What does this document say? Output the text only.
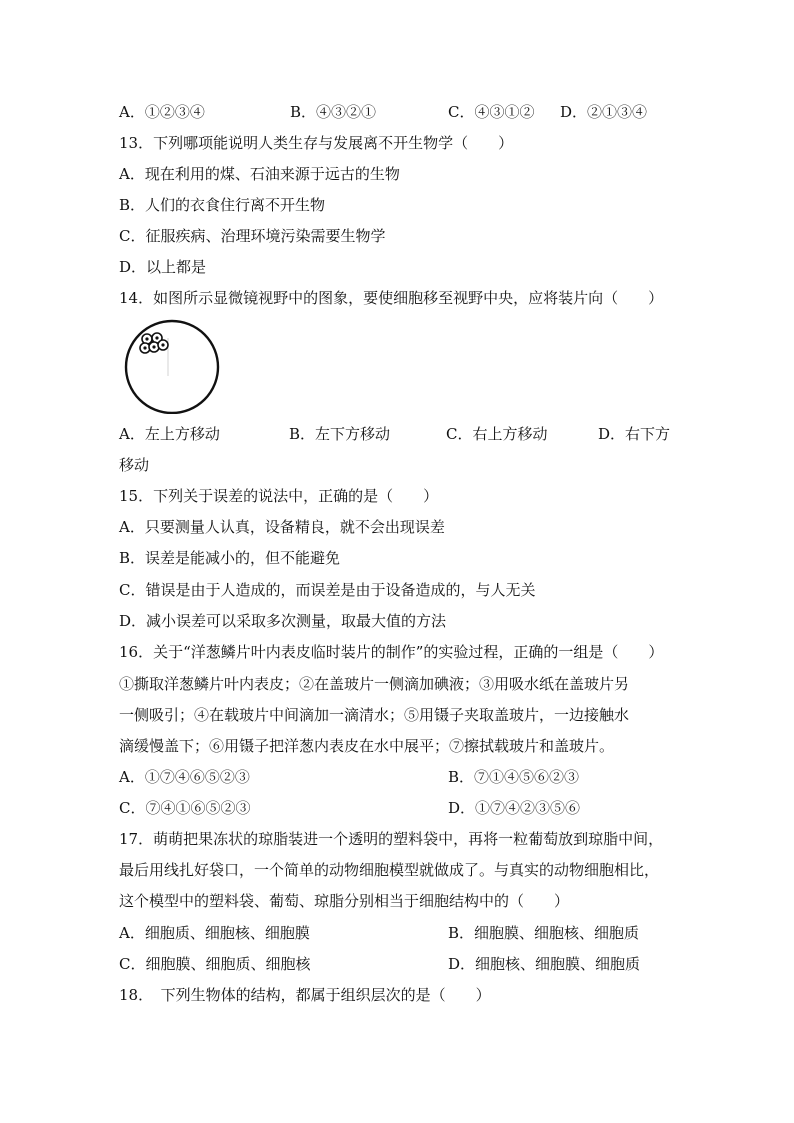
A．①②③④	B．④③②①	C．④③①② D．②①③④
13．下列哪项能说明人类生存与发展离不开生物学（　　）
A．现在利用的煤、石油来源于远古的生物
B．人们的衣食住行离不开生物
C．征服疾病、治理环境污染需要生物学
D．以上都是
14．如图所示显微镜视野中的图象，要使细胞移至视野中央，应将装片向（　　）
A．左上方移动	B．左下方移动	C．右上方移动	D．右下方
移动
15．下列关于误差的说法中，正确的是（　　）
A．只要测量人认真，设备精良，就不会出现误差
B．误差是能减小的，但不能避免
C．错误是由于人造成的，而误差是由于设备造成的，与人无关
D．减小误差可以采取多次测量，取最大值的方法
16．关于“洋葱鳞片叶内表皮临时装片的制作”的实验过程，正确的一组是（　　）
①撕取洋葱鳞片叶内表皮；②在盖玻片一侧滴加碘液；③用吸水纸在盖玻片另
一侧吸引；④在载玻片中间滴加一滴清水；⑤用镊子夹取盖玻片，一边接触水
滴缓慢盖下；⑥用镊子把洋葱内表皮在水中展平；⑦擦拭载玻片和盖玻片。
A．①⑦④⑥⑤②③	B．⑦①④⑤⑥②③
C．⑦④①⑥⑤②③	D．①⑦④②③⑤⑥
17．萌萌把果冻状的琼脂装进一个透明的塑料袋中，再将一粒葡萄放到琼脂中间，
最后用线扎好袋口，一个简单的动物细胞模型就做成了。与真实的动物细胞相比，
这个模型中的塑料袋、葡萄、琼脂分别相当于细胞结构中的（　　）
A．细胞质、细胞核、细胞膜	B．细胞膜、细胞核、细胞质
C．细胞膜、细胞质、细胞核	D．细胞核、细胞膜、细胞质
18．　下列生物体的结构，都属于组织层次的是（　　）
